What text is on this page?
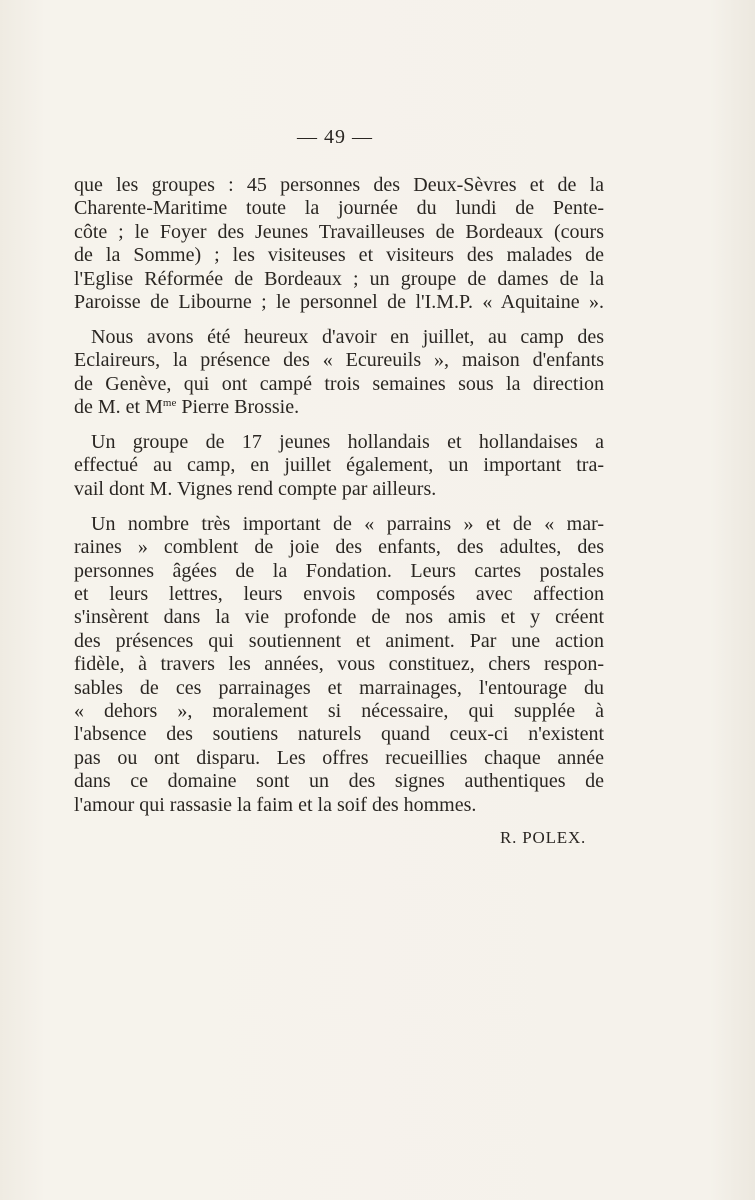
— 49 —
que les groupes : 45 personnes des Deux-Sèvres et de la
Charente-Maritime toute la journée du lundi de Pente-
côte ; le Foyer des Jeunes Travailleuses de Bordeaux (cours
de la Somme) ; les visiteuses et visiteurs des malades de
l'Eglise Réformée de Bordeaux ; un groupe de dames de la
Paroisse de Libourne ; le personnel de l'I.M.P. « Aquitaine ».
Nous avons été heureux d'avoir en juillet, au camp des
Eclaireurs, la présence des « Ecureuils », maison d'enfants
de Genève, qui ont campé trois semaines sous la direction
de M. et $M^{me}$ Pierre Brossie.
Un groupe de 17 jeunes hollandais et hollandaises a
effectué au camp, en juillet également, un important tra-
vail dont M. Vignes rend compte par ailleurs.
Un nombre très important de « parrains » et de « mar-
raines » comblent de joie des enfants, des adultes, des
personnes âgées de la Fondation. Leurs cartes postales
et leurs lettres, leurs envois composés avec affection
s'insèrent dans la vie profonde de nos amis et y créent
des présences qui soutiennent et animent. Par une action
fidèle, à travers les années, vous constituez, chers respon-
sables de ces parrainages et marrainages, l'entourage du
« dehors », moralement si nécessaire, qui supplée à
l'absence des soutiens naturels quand ceux-ci n'existent
pas ou ont disparu. Les offres recueillies chaque année
dans ce domaine sont un des signes authentiques de
l'amour qui rassasie la faim et la soif des hommes.
R. POLEX.
